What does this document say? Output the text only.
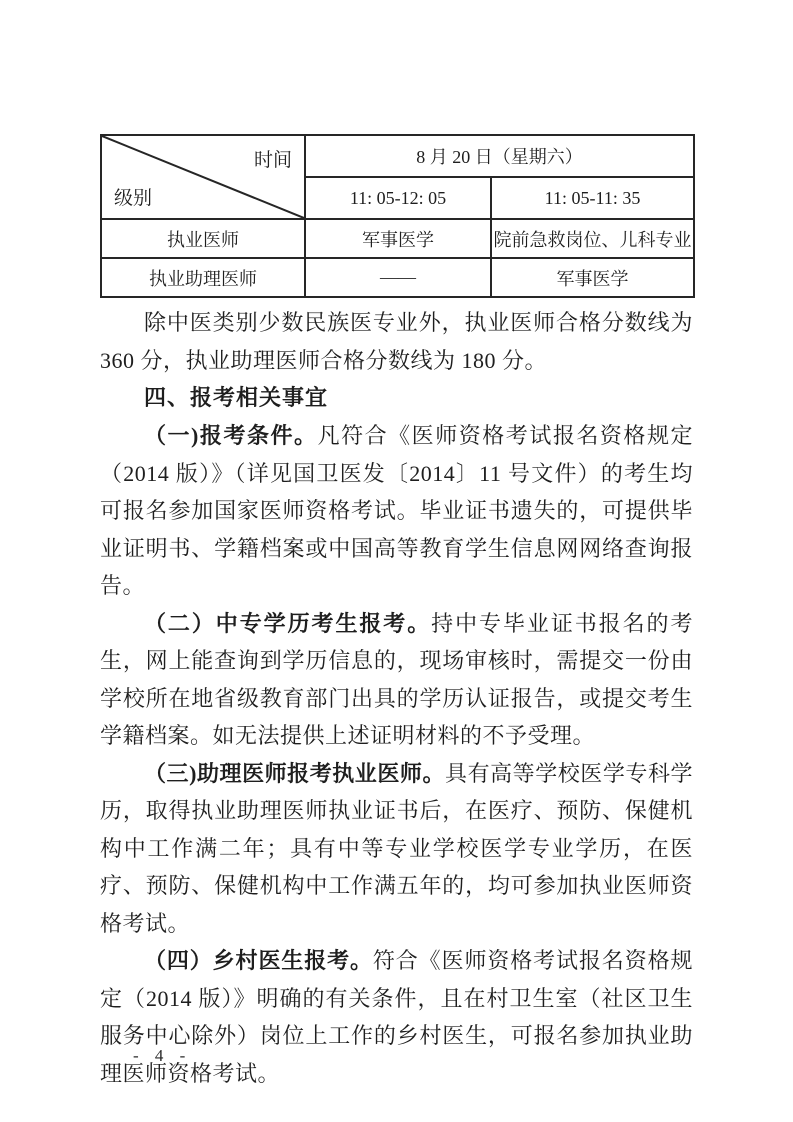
时间
级别	8 月 20 日（星期六）	
	11: 05-12: 05	11: 05-11: 35
执业医师	军事医学	院前急救岗位、儿科专业
执业助理医师	——	军事医学

除中医类别少数民族医专业外，执业医师合格分数线为 360 分，执业助理医师合格分数线为 180 分。

四、报考相关事宜

（一)报考条件。凡符合《医师资格考试报名资格规定（2014 版）》（详见国卫医发〔2014〕11 号文件）的考生均可报名参加国家医师资格考试。毕业证书遗失的，可提供毕业证明书、学籍档案或中国高等教育学生信息网网络查询报告。

（二）中专学历考生报考。持中专毕业证书报名的考生，网上能查询到学历信息的，现场审核时，需提交一份由学校所在地省级教育部门出具的学历认证报告，或提交考生学籍档案。如无法提供上述证明材料的不予受理。

（三)助理医师报考执业医师。具有高等学校医学专科学历，取得执业助理医师执业证书后，在医疗、预防、保健机构中工作满二年；具有中等专业学校医学专业学历，在医疗、预防、保健机构中工作满五年的，均可参加执业医师资格考试。

（四）乡村医生报考。符合《医师资格考试报名资格规定（2014 版）》明确的有关条件，且在村卫生室（社区卫生服务中心除外）岗位上工作的乡村医生，可报名参加执业助理医师资格考试。

- 4 -
